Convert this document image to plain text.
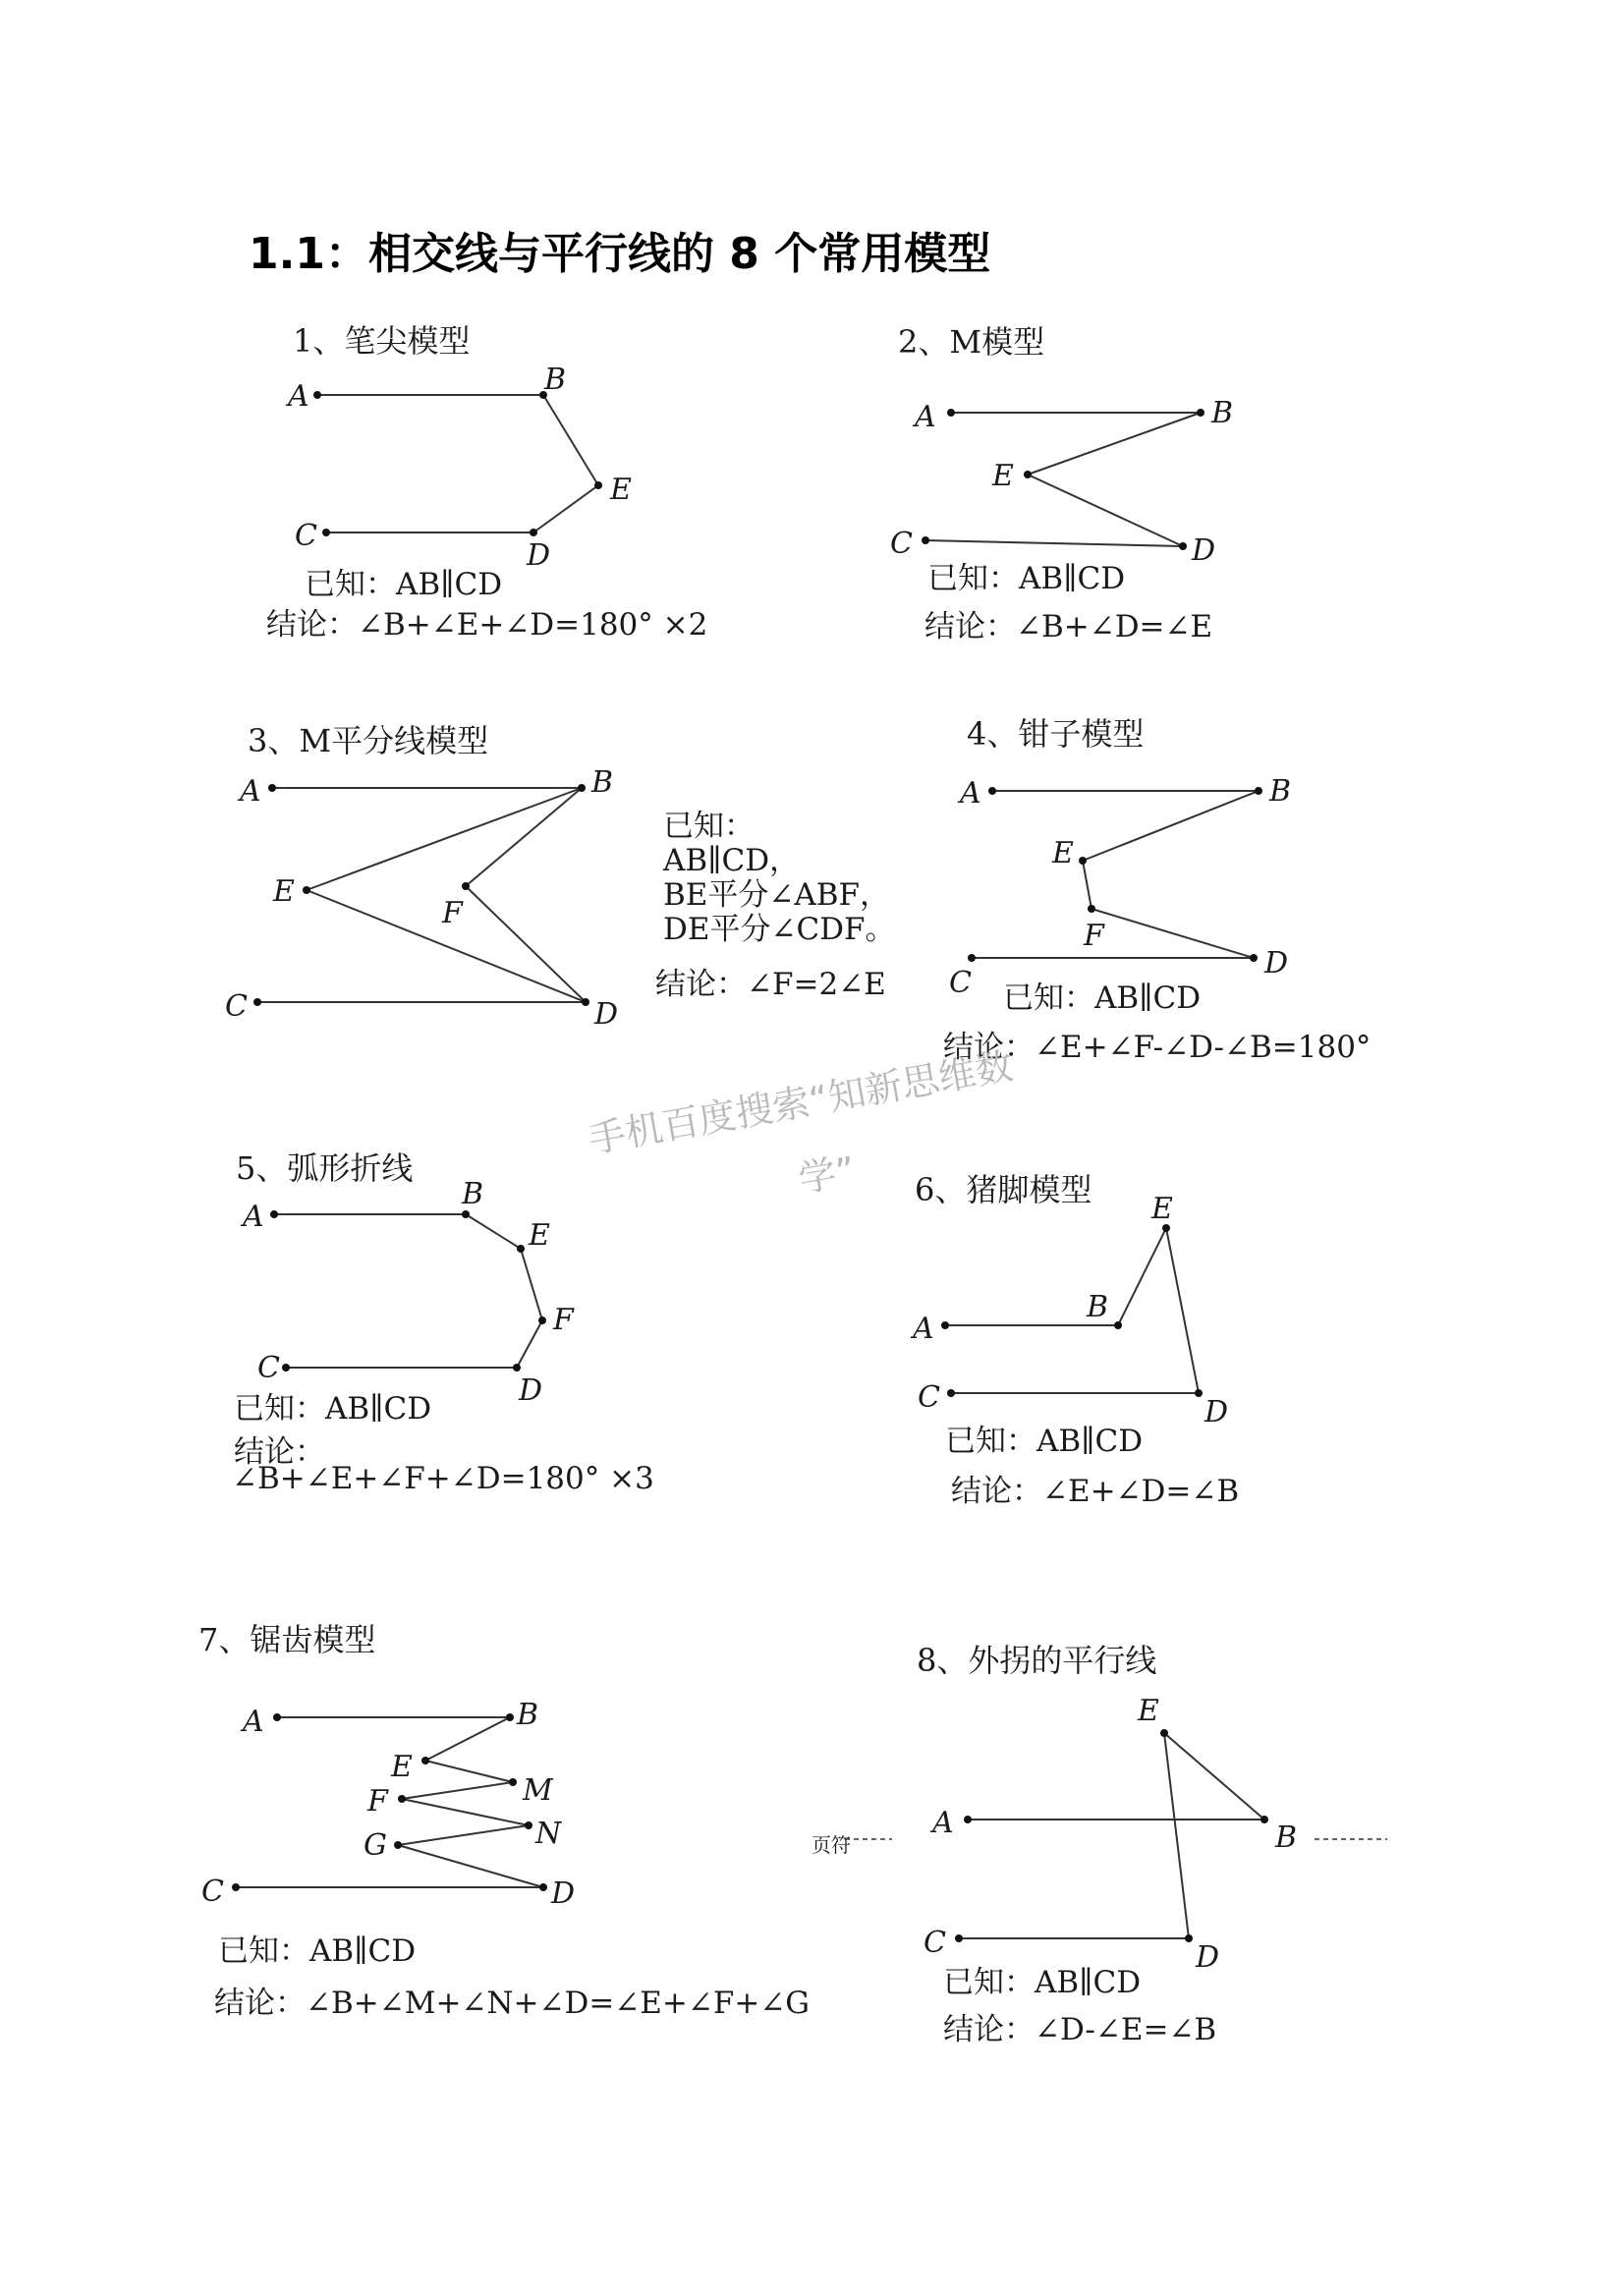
1.1：相交线与平行线的 8 个常用模型
1、笔尖模型
A	B
E
C
D
A	B
E
C	D
A	B
E
F
C	D
A	B
E
F
C
D
A
B
E
F
C
D
E
B
A
C	D
A	B
E
M
F
N
G
C	D
E
A	B
C	D
已知：AB∥CD
结论：∠B+∠E+∠D=180° ×2
2、M模型
已知：AB∥CD
结论：∠B+∠D=∠E
3、M平分线模型
已知：
AB∥CD，
BE平分∠ABF，
DE平分∠CDF。
结论：∠F=2∠E
4、钳子模型
已知：AB∥CD
结论：∠E+∠F-∠D-∠B=180°
手机百度搜索“知新思维数
学”
5、弧形折线
已知：AB∥CD
结论：
∠B+∠E+∠F+∠D=180° ×3
6、猪脚模型
已知：AB∥CD
结论：∠E+∠D=∠B
7、锯齿模型
已知：AB∥CD
结论：∠B+∠M+∠N+∠D=∠E+∠F+∠G
8、外拐的平行线
已知：AB∥CD
结论：∠D-∠E=∠B
页符
